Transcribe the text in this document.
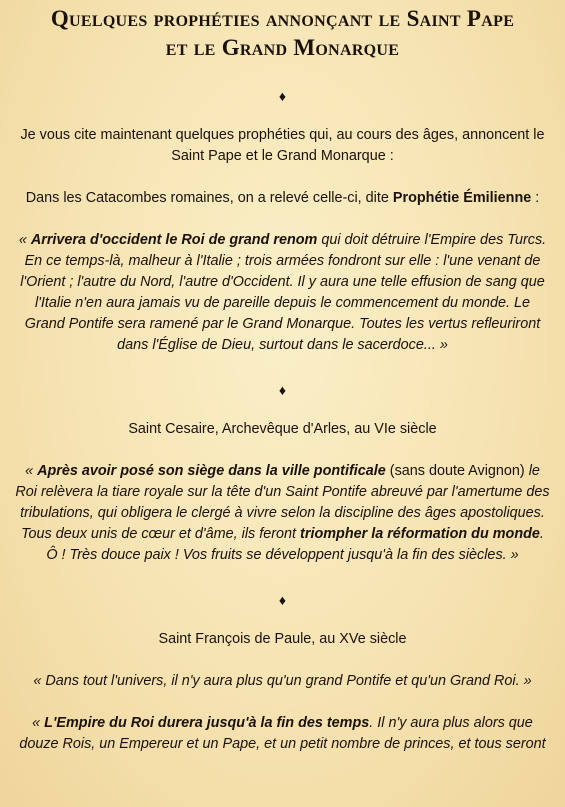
Quelques prophéties annonçant le Saint Pape
et le Grand Monarque
♦

Je vous cite maintenant quelques prophéties qui, au cours des âges, annoncent le Saint Pape et le Grand Monarque :

Dans les Catacombes romaines, on a relevé celle-ci, dite Prophétie Émilienne :

« Arrivera d'occident le Roi de grand renom qui doit détruire l'Empire des Turcs. En ce temps-là, malheur à l'Italie ; trois armées fondront sur elle : l'une venant de l'Orient ; l'autre du Nord, l'autre d'Occident. Il y aura une telle effusion de sang que l'Italie n'en aura jamais vu de pareille depuis le commencement du monde. Le Grand Pontife sera ramené par le Grand Monarque. Toutes les vertus refleuriront dans l'Église de Dieu, surtout dans le sacerdoce... »

♦

Saint Cesaire, Archevêque d'Arles, au VIe siècle

« Après avoir posé son siège dans la ville pontificale (sans doute Avignon) le Roi relèvera la tiare royale sur la tête d'un Saint Pontife abreuvé par l'amertume des tribulations, qui obligera le clergé à vivre selon la discipline des âges apostoliques. Tous deux unis de cœur et d'âme, ils feront triompher la réformation du monde. Ô ! Très douce paix ! Vos fruits se développent jusqu'à la fin des siècles. »

♦

Saint François de Paule, au XVe siècle

« Dans tout l'univers, il n'y aura plus qu'un grand Pontife et qu'un Grand Roi. »

« L'Empire du Roi durera jusqu'à la fin des temps. Il n'y aura plus alors que douze Rois, un Empereur et un Pape, et un petit nombre de princes, et tous seront
